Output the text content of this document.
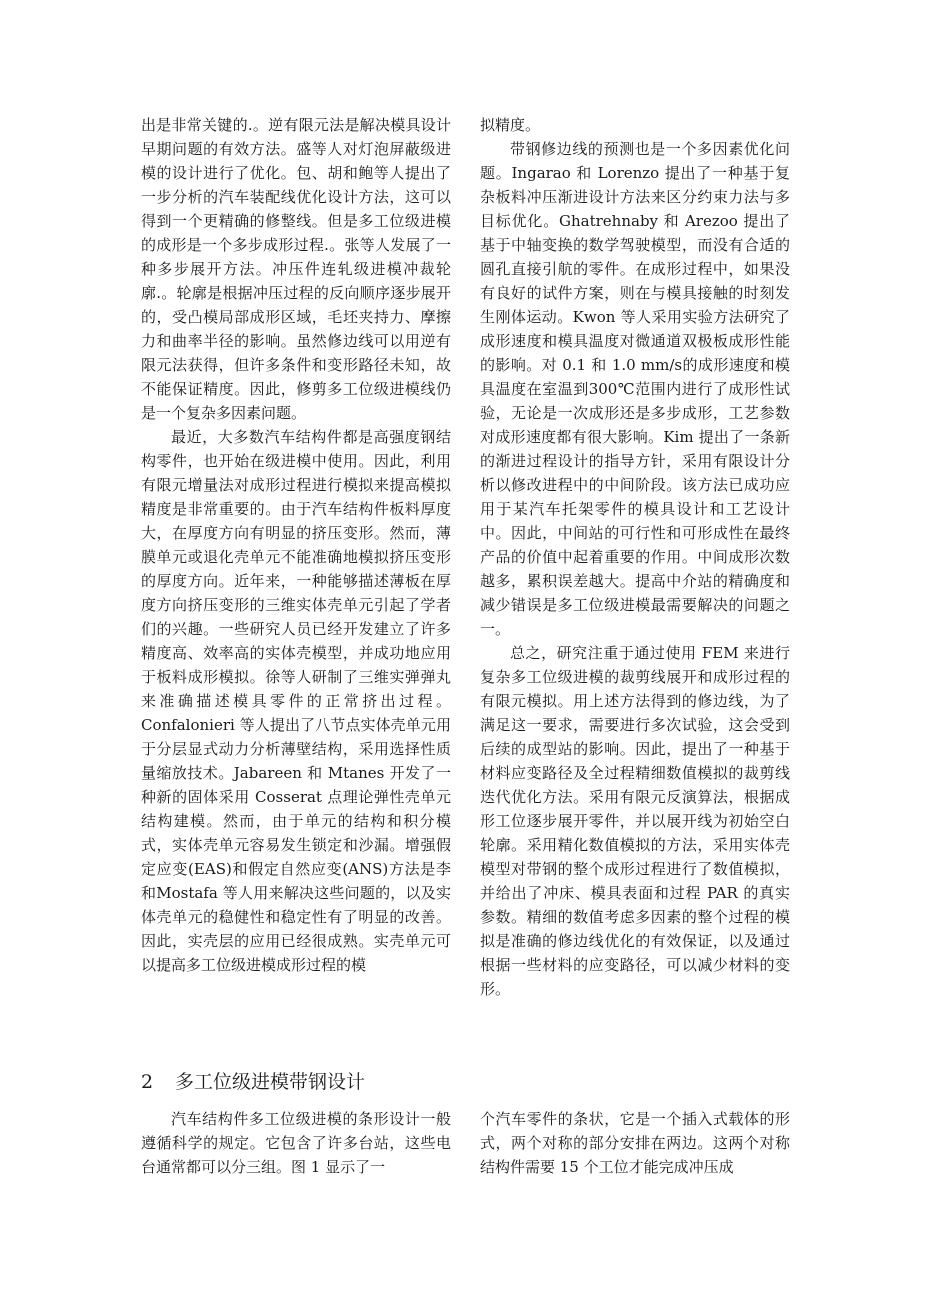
出是非常关键的.。逆有限元法是解决模具设计早期问题的有效方法。盛等人对灯泡屏蔽级进模的设计进行了优化。包、胡和鲍等人提出了一步分析的汽车装配线优化设计方法，这可以得到一个更精确的修整线。但是多工位级进模的成形是一个多步成形过程.。张等人发展了一种多步展开方法。冲压件连轧级进模冲裁轮廓.。轮廓是根据冲压过程的反向顺序逐步展开的，受凸模局部成形区域，毛坯夹持力、摩擦力和曲率半径的影响。虽然修边线可以用逆有限元法获得，但许多条件和变形路径未知，故不能保证精度。因此，修剪多工位级进模线仍是一个复杂多因素问题。

最近，大多数汽车结构件都是高强度钢结构零件，也开始在级进模中使用。因此，利用有限元增量法对成形过程进行模拟来提高模拟精度是非常重要的。由于汽车结构件板料厚度大，在厚度方向有明显的挤压变形。然而，薄膜单元或退化壳单元不能准确地模拟挤压变形的厚度方向。近年来，一种能够描述薄板在厚度方向挤压变形的三维实体壳单元引起了学者们的兴趣。一些研究人员已经开发建立了许多精度高、效率高的实体壳模型，并成功地应用于板料成形模拟。徐等人研制了三维实弹弹丸来准确描述模具零件的正常挤出过程。Confalonieri 等人提出了八节点实体壳单元用于分层显式动力分析薄壁结构，采用选择性质量缩放技术。Jabareen 和 Mtanes 开发了一种新的固体采用 Cosserat 点理论弹性壳单元结构建模。然而，由于单元的结构和积分模式，实体壳单元容易发生锁定和沙漏。增强假定应变(EAS)和假定自然应变(ANS)方法是李和Mostafa 等人用来解决这些问题的，以及实体壳单元的稳健性和稳定性有了明显的改善。因此，实壳层的应用已经很成熟。实壳单元可以提高多工位级进模成形过程的模

拟精度。

带钢修边线的预测也是一个多因素优化问题。Ingarao 和 Lorenzo 提出了一种基于复杂板料冲压渐进设计方法来区分约束力法与多目标优化。Ghatrehnaby 和 Arezoo 提出了基于中轴变换的数学驾驶模型，而没有合适的圆孔直接引航的零件。在成形过程中，如果没有良好的试件方案，则在与模具接触的时刻发生刚体运动。Kwon 等人采用实验方法研究了成形速度和模具温度对微通道双极板成形性能的影响。对 0.1 和 1.0 mm/s的成形速度和模具温度在室温到300℃范围内进行了成形性试验，无论是一次成形还是多步成形，工艺参数对成形速度都有很大影响。Kim 提出了一条新的渐进过程设计的指导方针，采用有限设计分析以修改进程中的中间阶段。该方法已成功应用于某汽车托架零件的模具设计和工艺设计中。因此，中间站的可行性和可形成性在最终产品的价值中起着重要的作用。中间成形次数越多，累积误差越大。提高中介站的精确度和减少错误是多工位级进模最需要解决的问题之一。

总之，研究注重于通过使用 FEM 来进行复杂多工位级进模的裁剪线展开和成形过程的有限元模拟。用上述方法得到的修边线，为了满足这一要求，需要进行多次试验，这会受到后续的成型站的影响。因此，提出了一种基于材料应变路径及全过程精细数值模拟的裁剪线迭代优化方法。采用有限元反演算法，根据成形工位逐步展开零件，并以展开线为初始空白轮廓。采用精化数值模拟的方法，采用实体壳模型对带钢的整个成形过程进行了数值模拟，并给出了冲床、模具表面和过程 PAR 的真实参数。精细的数值考虑多因素的整个过程的模拟是准确的修边线优化的有效保证，以及通过根据一些材料的应变路径，可以减少材料的变形。

2 多工位级进模带钢设计

汽车结构件多工位级进模的条形设计一般遵循科学的规定。它包含了许多台站，这些电台通常都可以分三组。图 1 显示了一

个汽车零件的条状，它是一个插入式载体的形式，两个对称的部分安排在两边。这两个对称结构件需要 15 个工位才能完成冲压成
